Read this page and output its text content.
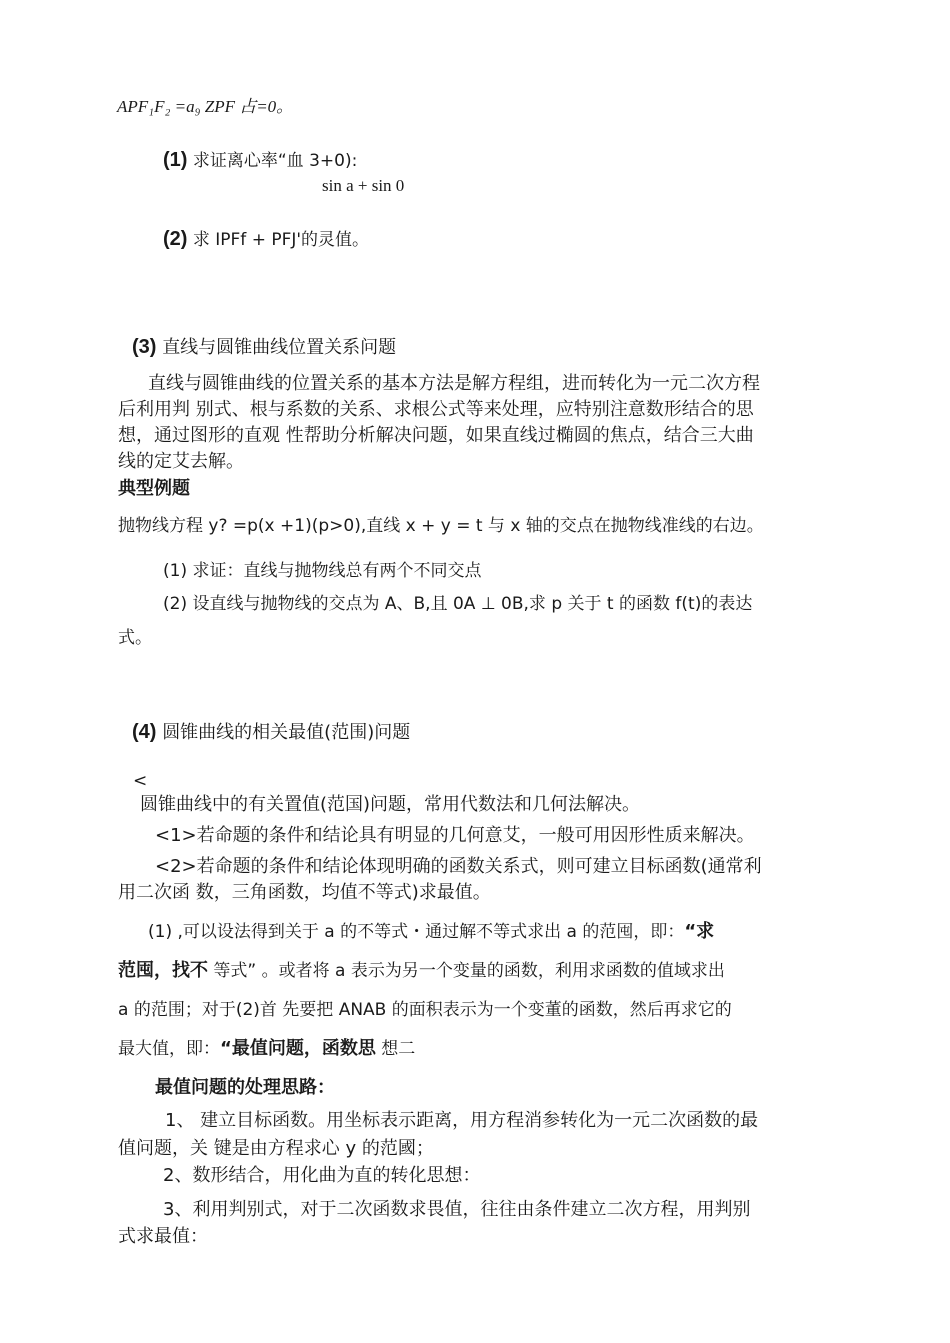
APF₁F₂ =a₉ ZPF 占=0。
(1) 求证离心率“血 3+0):
sin a + sin 0
(2) 求 IPFf + PFJ'的灵值。
(3) 直线与圆锥曲线位置关系问题
直线与圆锥曲线的位置关系的基本方法是解方程组，进而转化为一元二次方程
后利用判 别式、根与系数的关系、求根公式等来处理，应特别注意数形结合的思
想，通过图形的直观 性帮助分析解决问题，如果直线过椭圆的焦点，结合三大曲
线的定艾去解。
典型例题
抛物线方程 y? =p(x +1)(p>0),直线 x + y = t 与 x 轴的交点在抛物线准线的右边。
(1) 求证：直线与抛物线总有两个不同交点
(2) 设直线与抛物线的交点为 A、B,且 0A ⊥ 0B,求 p 关于 t 的函数 f(t)的表达
式。
(4) 圆锥曲线的相关最值(范围)问题
<
圆锥曲线中的有关置值(范国)问题，常用代数法和几何法解决。
<1>若命题的条件和结论具有明显的几何意艾，一般可用因形性质来解决。
<2>若命题的条件和结论体现明确的函数关系式，则可建立目标函数(通常利
用二次函 数，三角函数，均值不等式)求最值。
(1) ,可以设法得到关于 a 的不等式・通过解不等式求出 a 的范囤，即：“求
范囤，找不 等式” 。或者将 a 表示为另一个变量的函数，利用求函数的值域求出
a 的范围；对于(2)首 先要把 ANAB 的面积表示为一个变董的函数，然后再求它的
最大值，即：“最值问题，函数思 想二
最值问题的处理思路：
1、 建立目标函数。用坐标表示距离，用方程消参转化为一元二次函数的最
值问题，关 键是由方程求心 y 的范國；
2、数形结合，用化曲为直的转化思想：
3、利用判别式，对于二次函数求畏值，往往由条件建立二次方程，用判别
式求最值：
